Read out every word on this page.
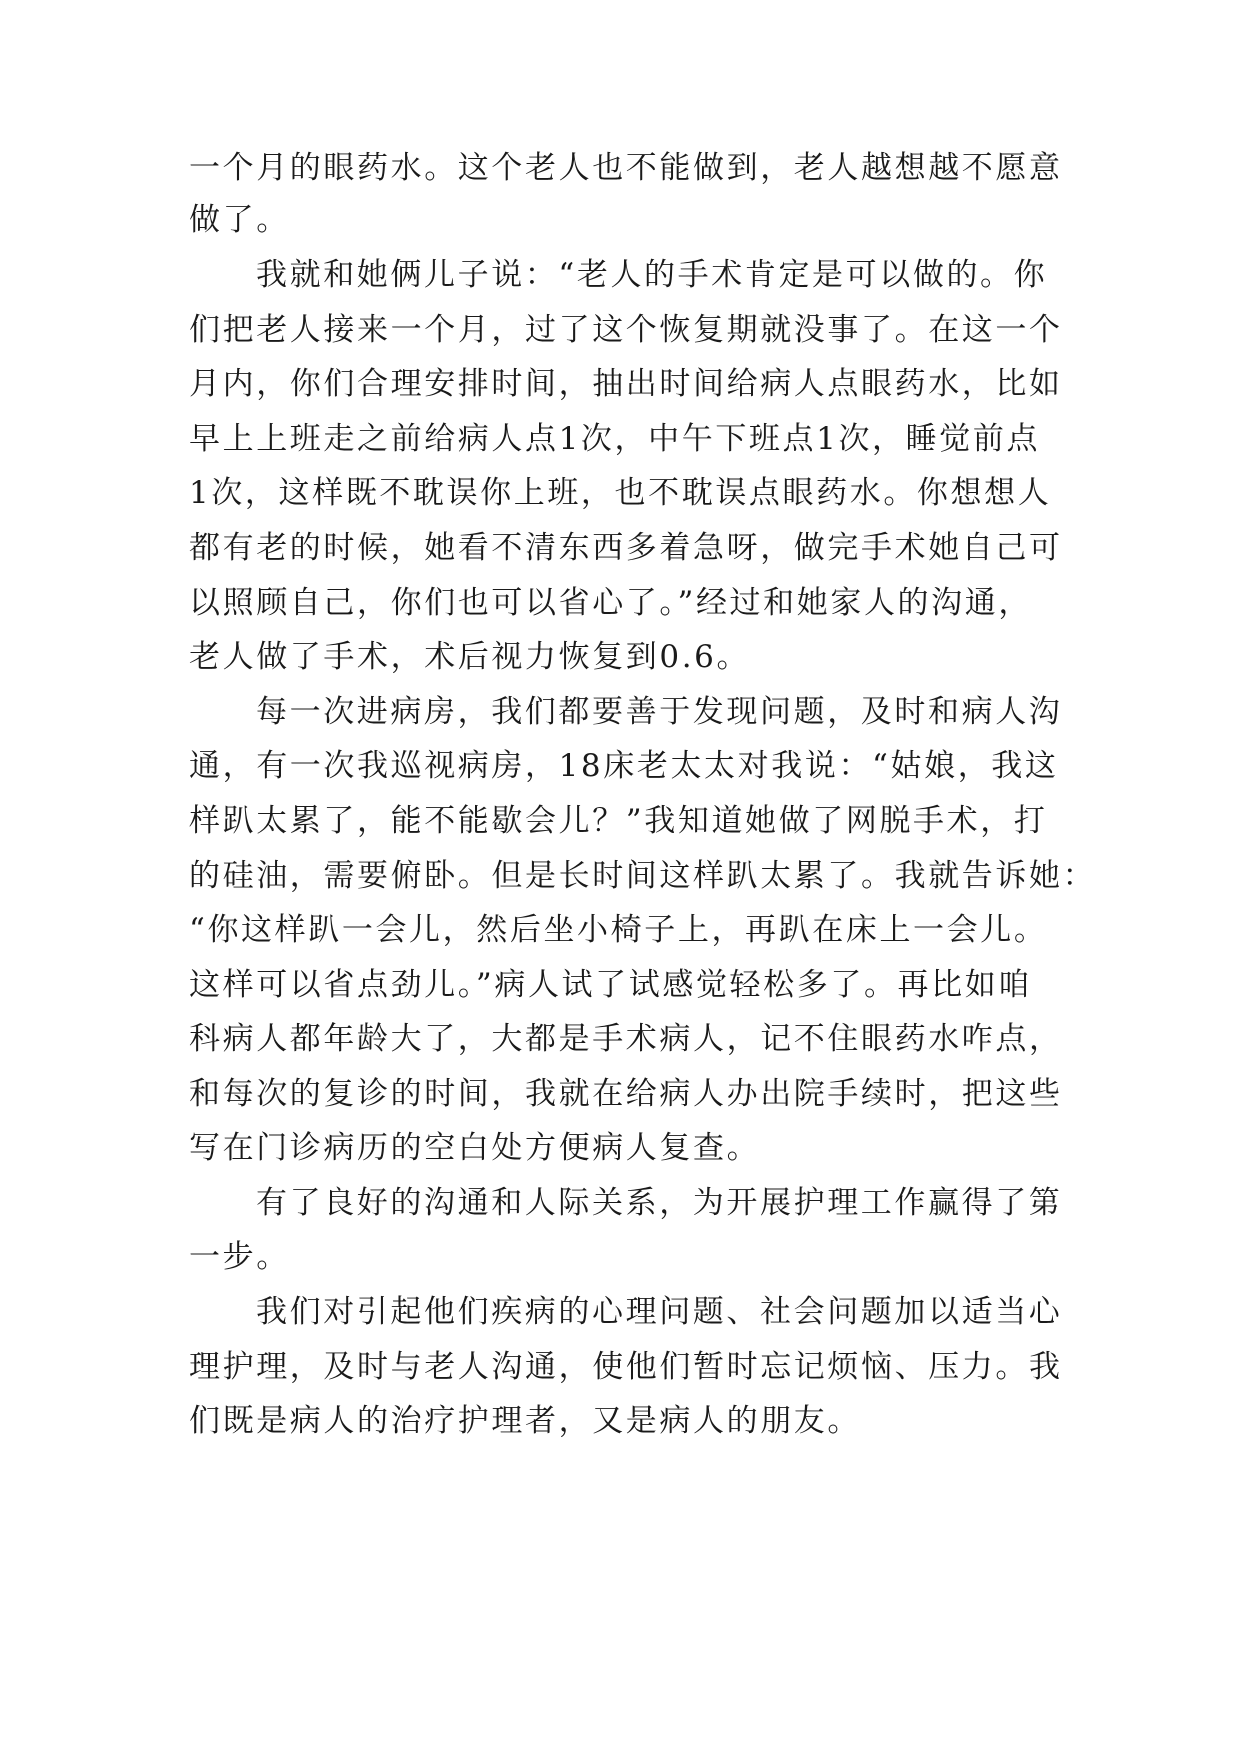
一个月的眼药水。这个老人也不能做到，老人越想越不愿意
做了。
我就和她俩儿子说：“老人的手术肯定是可以做的。你
们把老人接来一个月，过了这个恢复期就没事了。在这一个
月内，你们合理安排时间，抽出时间给病人点眼药水，比如
早上上班走之前给病人点1次，中午下班点1次，睡觉前点
1次，这样既不耽误你上班，也不耽误点眼药水。你想想人
都有老的时候，她看不清东西多着急呀，做完手术她自己可
以照顾自己，你们也可以省心了。”经过和她家人的沟通，
老人做了手术，术后视力恢复到0.6。
每一次进病房，我们都要善于发现问题，及时和病人沟
通，有一次我巡视病房，18床老太太对我说：“姑娘，我这
样趴太累了，能不能歇会儿？”我知道她做了网脱手术，打
的硅油，需要俯卧。但是长时间这样趴太累了。我就告诉她：
“你这样趴一会儿，然后坐小椅子上，再趴在床上一会儿。
这样可以省点劲儿。”病人试了试感觉轻松多了。再比如咱
科病人都年龄大了，大都是手术病人，记不住眼药水咋点，
和每次的复诊的时间，我就在给病人办出院手续时，把这些
写在门诊病历的空白处方便病人复查。
有了良好的沟通和人际关系，为开展护理工作赢得了第
一步。
我们对引起他们疾病的心理问题、社会问题加以适当心
理护理，及时与老人沟通，使他们暂时忘记烦恼、压力。我
们既是病人的治疗护理者，又是病人的朋友。
